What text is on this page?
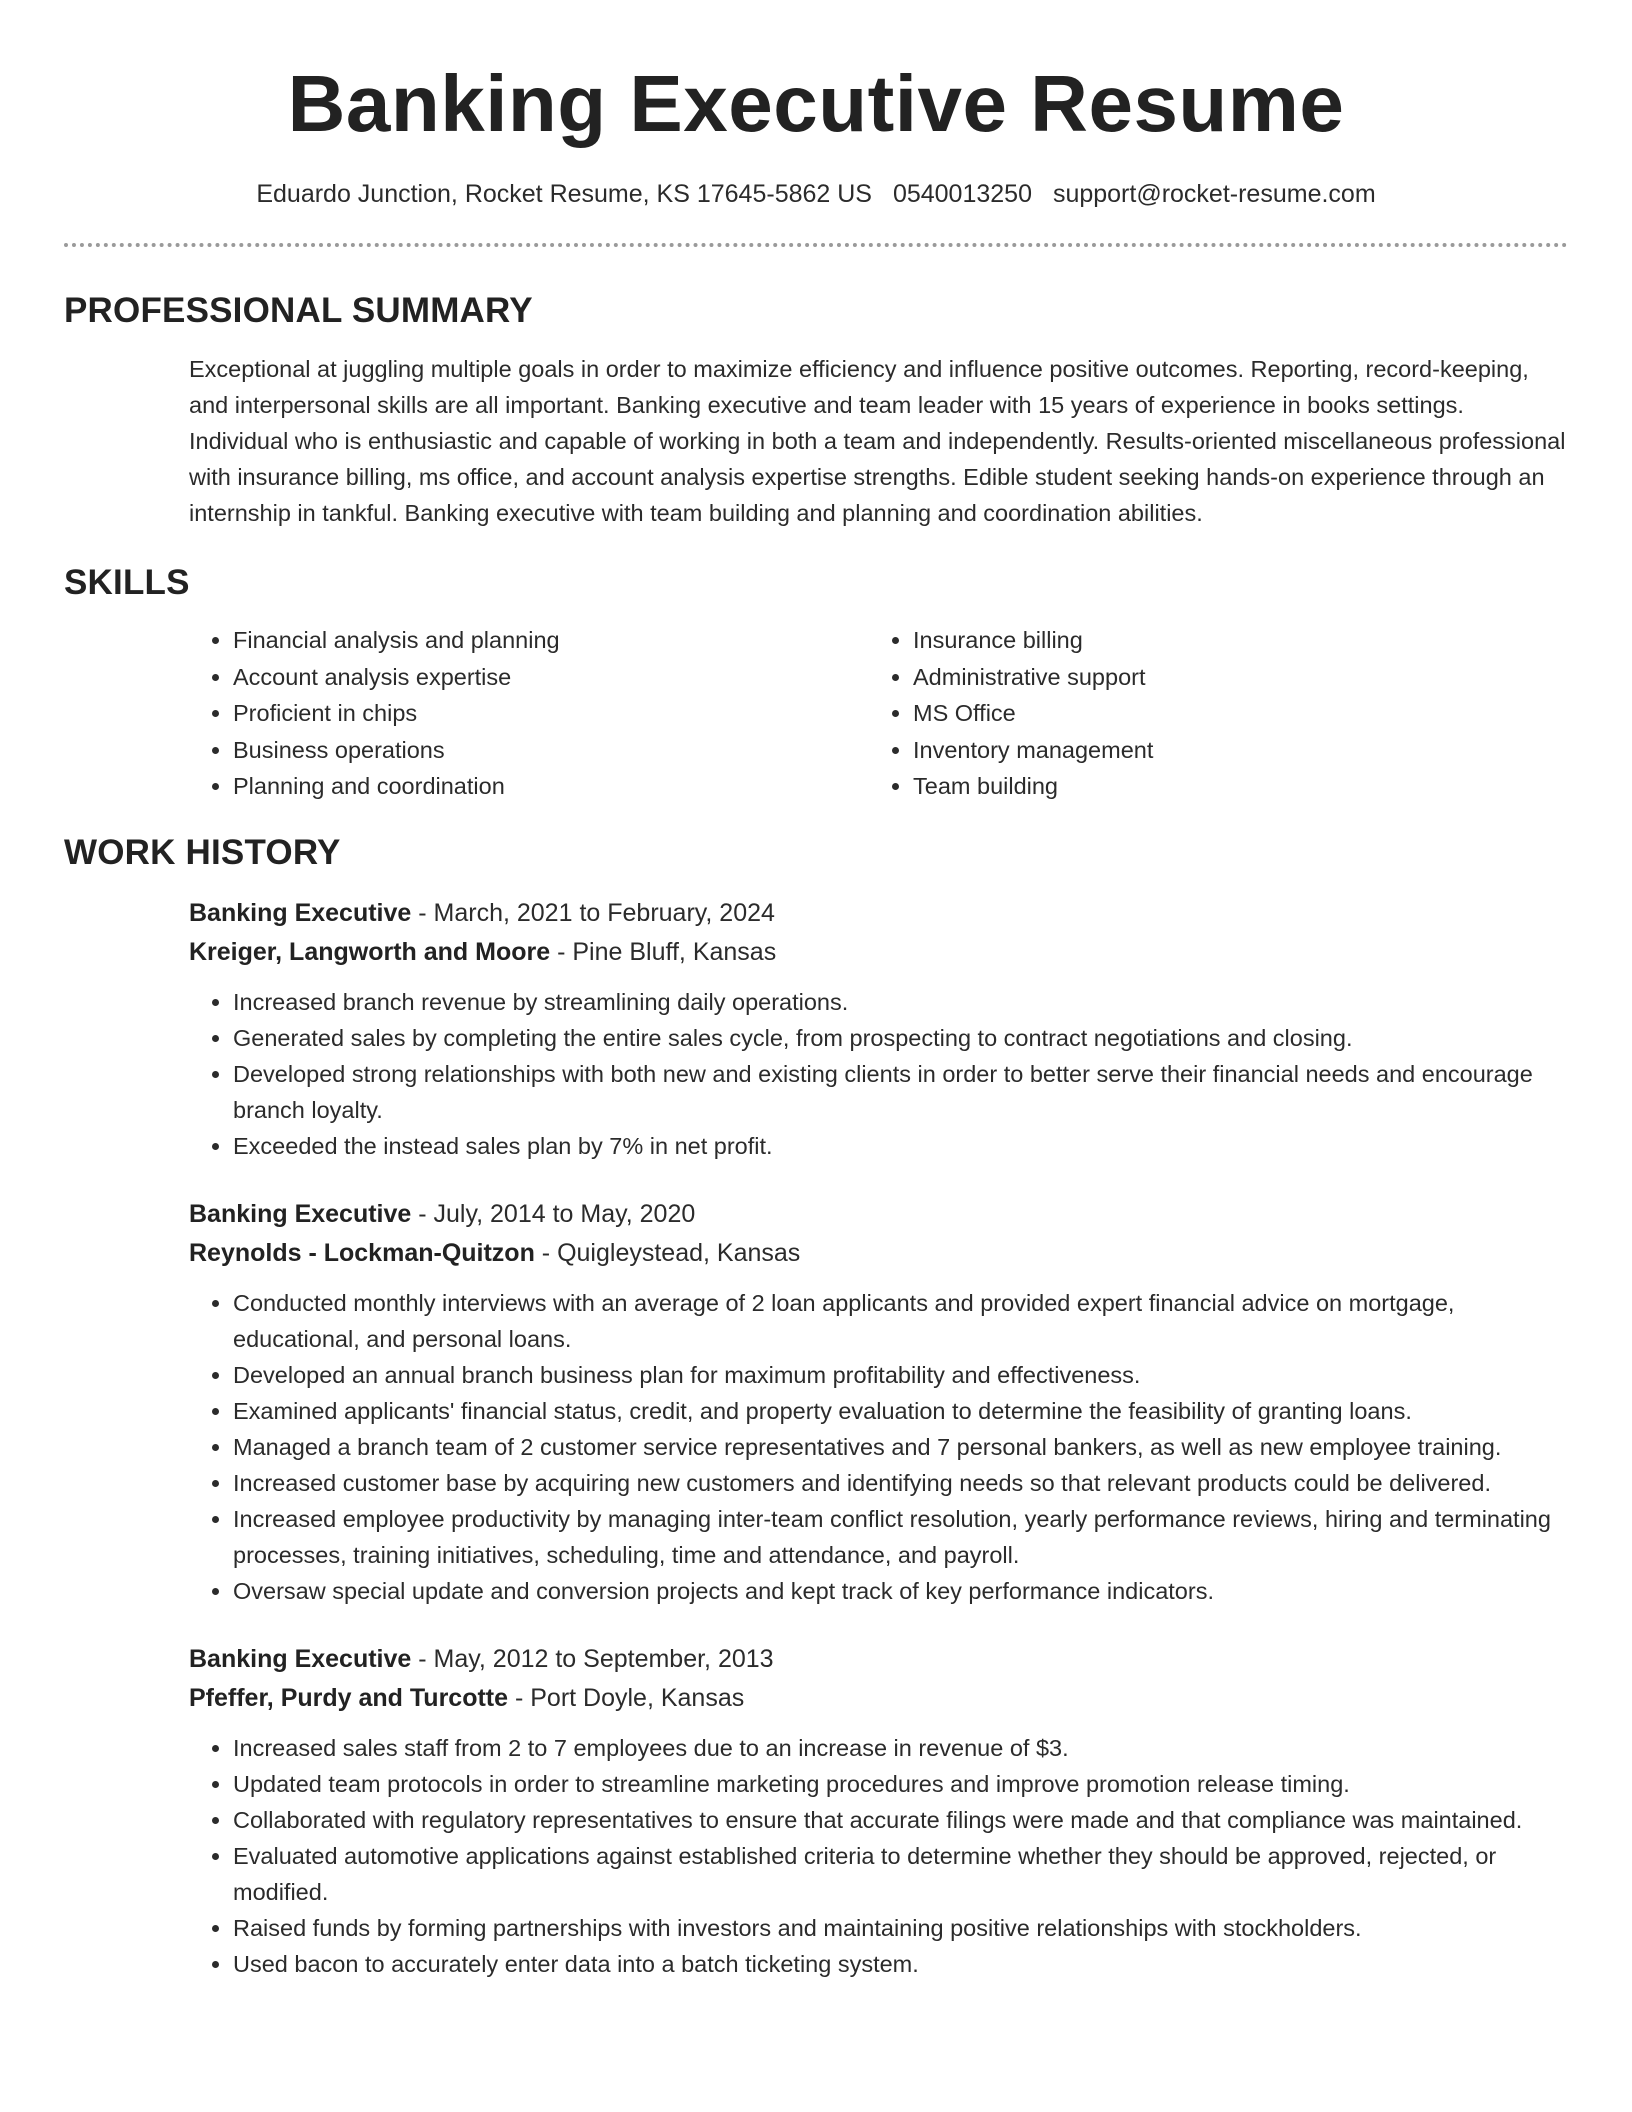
Banking Executive Resume
Eduardo Junction, Rocket Resume, KS 17645-5862 US 0540013250 support@rocket-resume.com
PROFESSIONAL SUMMARY
Exceptional at juggling multiple goals in order to maximize efficiency and influence positive outcomes. Reporting, record-keeping, and interpersonal skills are all important. Banking executive and team leader with 15 years of experience in books settings. Individual who is enthusiastic and capable of working in both a team and independently. Results-oriented miscellaneous professional with insurance billing, ms office, and account analysis expertise strengths. Edible student seeking hands-on experience through an internship in tankful. Banking executive with team building and planning and coordination abilities.
SKILLS
• Financial analysis and planning
• Account analysis expertise
• Proficient in chips
• Business operations
• Planning and coordination
• Insurance billing
• Administrative support
• MS Office
• Inventory management
• Team building
WORK HISTORY
Banking Executive - March, 2021 to February, 2024
Kreiger, Langworth and Moore - Pine Bluff, Kansas
• Increased branch revenue by streamlining daily operations.
• Generated sales by completing the entire sales cycle, from prospecting to contract negotiations and closing.
• Developed strong relationships with both new and existing clients in order to better serve their financial needs and encourage branch loyalty.
• Exceeded the instead sales plan by 7% in net profit.
Banking Executive - July, 2014 to May, 2020
Reynolds - Lockman-Quitzon - Quigleystead, Kansas
• Conducted monthly interviews with an average of 2 loan applicants and provided expert financial advice on mortgage, educational, and personal loans.
• Developed an annual branch business plan for maximum profitability and effectiveness.
• Examined applicants' financial status, credit, and property evaluation to determine the feasibility of granting loans.
• Managed a branch team of 2 customer service representatives and 7 personal bankers, as well as new employee training.
• Increased customer base by acquiring new customers and identifying needs so that relevant products could be delivered.
• Increased employee productivity by managing inter-team conflict resolution, yearly performance reviews, hiring and terminating processes, training initiatives, scheduling, time and attendance, and payroll.
• Oversaw special update and conversion projects and kept track of key performance indicators.
Banking Executive - May, 2012 to September, 2013
Pfeffer, Purdy and Turcotte - Port Doyle, Kansas
• Increased sales staff from 2 to 7 employees due to an increase in revenue of $3.
• Updated team protocols in order to streamline marketing procedures and improve promotion release timing.
• Collaborated with regulatory representatives to ensure that accurate filings were made and that compliance was maintained.
• Evaluated automotive applications against established criteria to determine whether they should be approved, rejected, or modified.
• Raised funds by forming partnerships with investors and maintaining positive relationships with stockholders.
• Used bacon to accurately enter data into a batch ticketing system.
